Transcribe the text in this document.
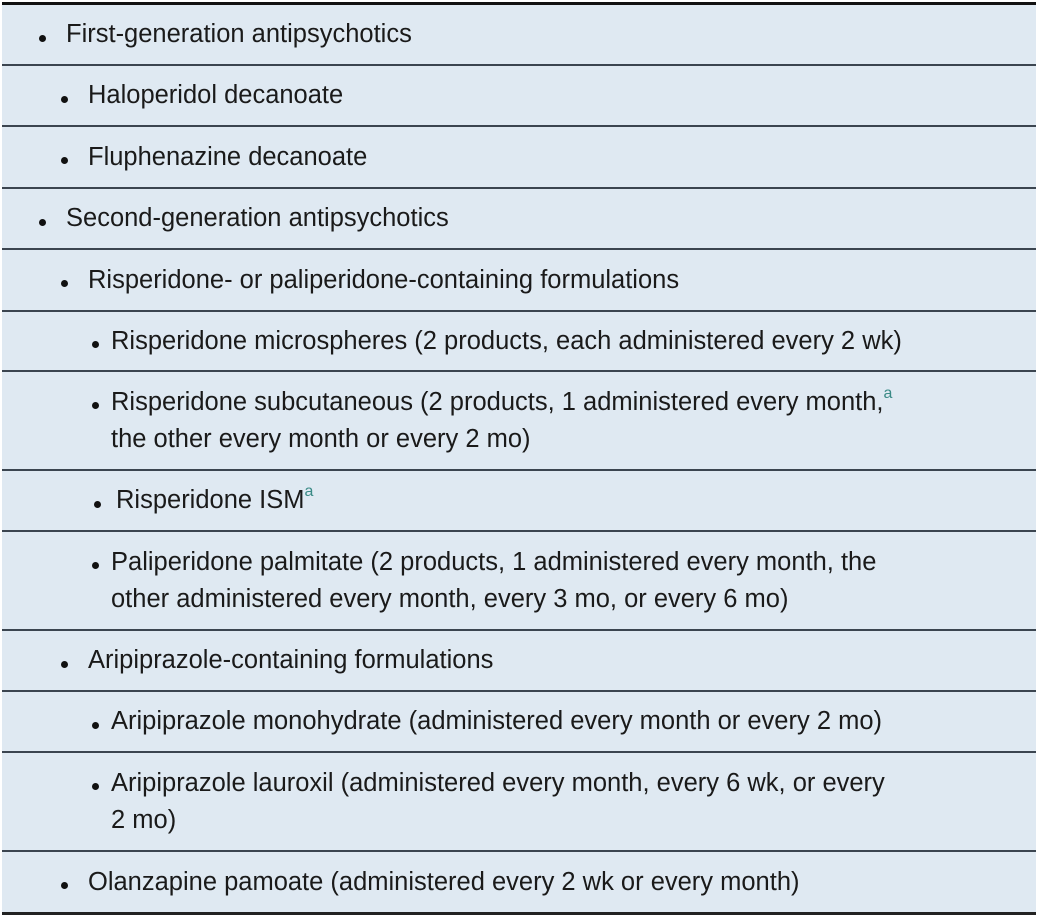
First-generation antipsychotics
Haloperidol decanoate
Fluphenazine decanoate
Second-generation antipsychotics
Risperidone- or paliperidone-containing formulations
Risperidone microspheres (2 products, each administered every 2 wk)
Risperidone subcutaneous (2 products, 1 administered every month,$^a$
the other every month or every 2 mo)
Risperidone ISM$^a$
Paliperidone palmitate (2 products, 1 administered every month, the
other administered every month, every 3 mo, or every 6 mo)
Aripiprazole-containing formulations
Aripiprazole monohydrate (administered every month or every 2 mo)
Aripiprazole lauroxil (administered every month, every 6 wk, or every
2 mo)
Olanzapine pamoate (administered every 2 wk or every month)
